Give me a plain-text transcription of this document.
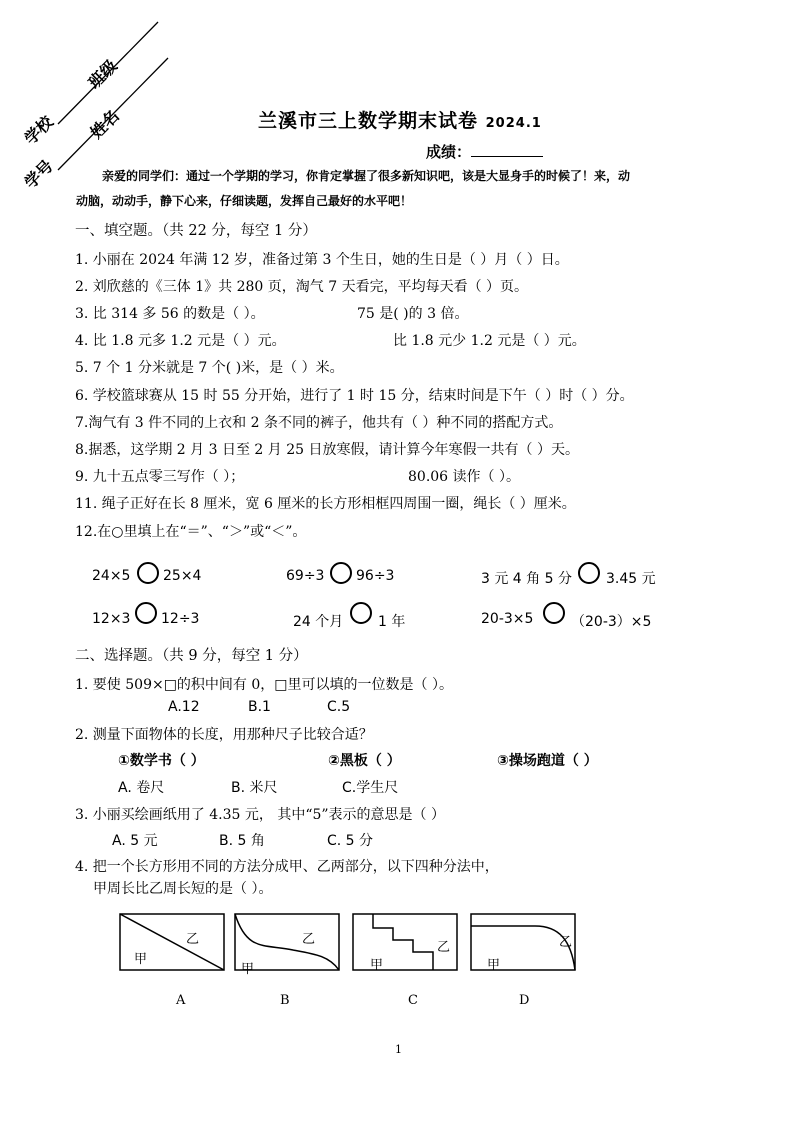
学校
班级
学号
姓名	兰溪市三上数学期末试卷 2024.1
成绩：
亲爱的同学们：通过一个学期的学习，你肯定掌握了很多新知识吧，该是大显身手的时候了！来，动
动脑，动动手，静下心来，仔细读题，发挥自己最好的水平吧！
一、填空题。（共 22 分，每空 1 分）
1. 小丽在 2024 年满 12 岁，准备过第 3 个生日，她的生日是（ ）月（ ）日。
2. 刘欣慈的《三体 1》共 280 页，淘气 7 天看完，平均每天看（ ）页。
3. 比 314 多 56 的数是（ ）。	75 是( )的 3 倍。
4. 比 1.8 元多 1.2 元是（ ）元。	比 1.8 元少 1.2 元是（ ）元。
5. 7 个 1 分米就是 7 个( )米，是（ ）米。
6. 学校篮球赛从 15 时 55 分开始，进行了 1 时 15 分，结束时间是下午（ ）时（ ）分。
7.淘气有 3 件不同的上衣和 2 条不同的裤子，他共有（ ）种不同的搭配方式。
8.据悉，这学期 2 月 3 日至 2 月 25 日放寒假，请计算今年寒假一共有（ ）天。
9. 九十五点零三写作（ ）；	80.06 读作（ ）。
11. 绳子正好在长 8 厘米，宽 6 厘米的长方形相框四周围一圈，绳长（ ）厘米。
12.在○里填上在“＝”、“＞”或“＜”。
24×5 25×4	69÷3 96÷3	3 元 4 角 5 分 3.45 元
12×3 12÷3	24 个月 1 年	20-3×5	（20-3）×5
二、选择题。（共 9 分，每空 1 分）
1. 要使 509×□的积中间有 0，□里可以填的一位数是（ ）。
A.12	B.1	C.5
2. 测量下面物体的长度，用那种尺子比较合适？
①数学书（ ）	②黑板（ ）	③操场跑道（ ）
A. 卷尺	B. 米尺	C.学生尺
3. 小丽买绘画纸用了 4.35 元， 其中“5”表示的意思是（ ）
A. 5 元	B. 5 角	C. 5 分
4. 把一个长方形用不同的方法分成甲、乙两部分，以下四种分法中，
甲周长比乙周长短的是（ ）。
甲
乙
甲
乙
甲
乙
甲
乙
A	B	C	D
1
